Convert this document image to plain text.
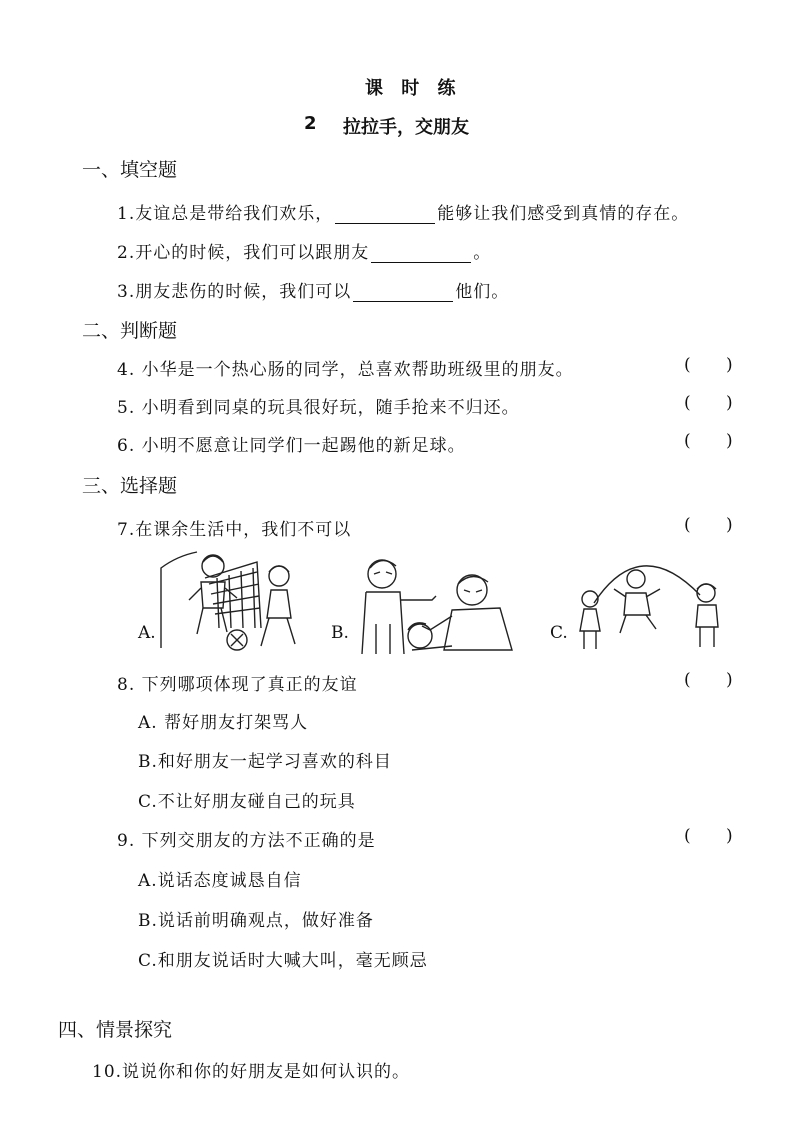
课 时 练
2 拉拉手，交朋友
一、填空题
1.友谊总是带给我们欢乐，	能够让我们感受到真情的存在。
2.开心的时候，我们可以跟朋友	。
3.朋友悲伤的时候，我们可以	他们。
二、判断题
4. 小华是一个热心肠的同学，总喜欢帮助班级里的朋友。	( )
5. 小明看到同桌的玩具很好玩，随手抢来不归还。	( )
6. 小明不愿意让同学们一起踢他的新足球。	( )
三、选择题
7.在课余生活中，我们不可以	( )
A.	B.	C.
8. 下列哪项体现了真正的友谊	( )
A. 帮好朋友打架骂人
B.和好朋友一起学习喜欢的科目
C.不让好朋友碰自己的玩具
9. 下列交朋友的方法不正确的是	( )
A.说话态度诚恳自信
B.说话前明确观点，做好准备
C.和朋友说话时大喊大叫，毫无顾忌
四、情景探究
10.说说你和你的好朋友是如何认识的。
